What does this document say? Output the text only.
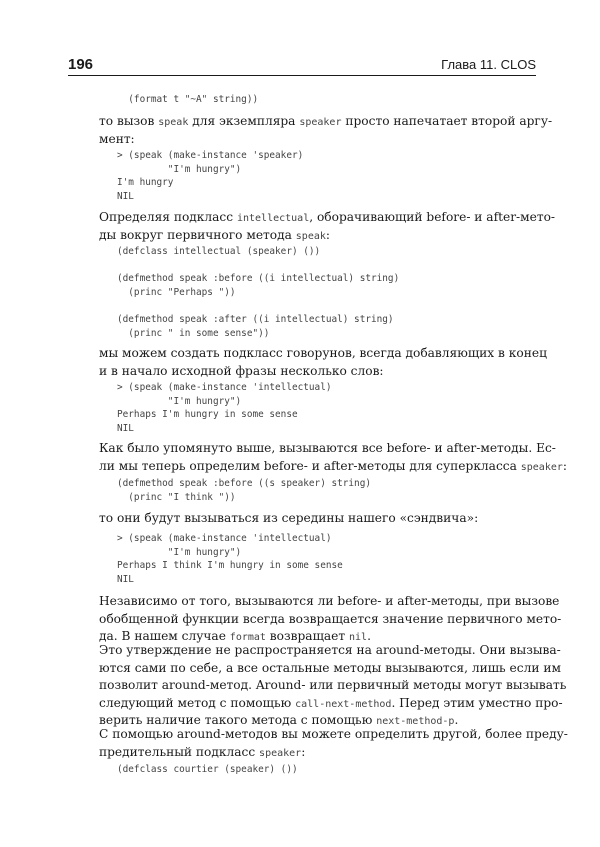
196	Глава 11. CLOS
(format t "~A" string))
то вызов speak для экземпляра speaker просто напечатает второй аргу-
мент:
> (speak (make-instance 'speaker)
"I'm hungry")
I'm hungry
NIL
Определяя подкласс intellectual, оборачивающий before- и after-мето-
ды вокруг первичного метода speak:
(defclass intellectual (speaker) ())
(defmethod speak :before ((i intellectual) string)
(princ "Perhaps "))
(defmethod speak :after ((i intellectual) string)
(princ " in some sense"))
мы можем создать подкласс говорунов, всегда добавляющих в конец
и в начало исходной фразы несколько слов:
> (speak (make-instance 'intellectual)
"I'm hungry")
Perhaps I'm hungry in some sense
NIL
Как было упомянуто выше, вызываются все before- и after-методы. Ес-
ли мы теперь определим before- и after-методы для суперкласса speaker:
(defmethod speak :before ((s speaker) string)
(princ "I think "))
то они будут вызываться из середины нашего «сэндвича»:
> (speak (make-instance 'intellectual)
"I'm hungry")
Perhaps I think I'm hungry in some sense
NIL
Независимо от того, вызываются ли before- и after-методы, при вызове
обобщенной функции всегда возвращается значение первичного мето-
да. В нашем случае format возвращает nil.
Это утверждение не распространяется на around-методы. Они вызыва-
ются сами по себе, а все остальные методы вызываются, лишь если им
позволит around-метод. Around- или первичный методы могут вызывать
следующий метод с помощью call-next-method. Перед этим уместно про-
верить наличие такого метода с помощью next-method-p.
С помощью around-методов вы можете определить другой, более преду-
предительный подкласс speaker:
(defclass courtier (speaker) ())
